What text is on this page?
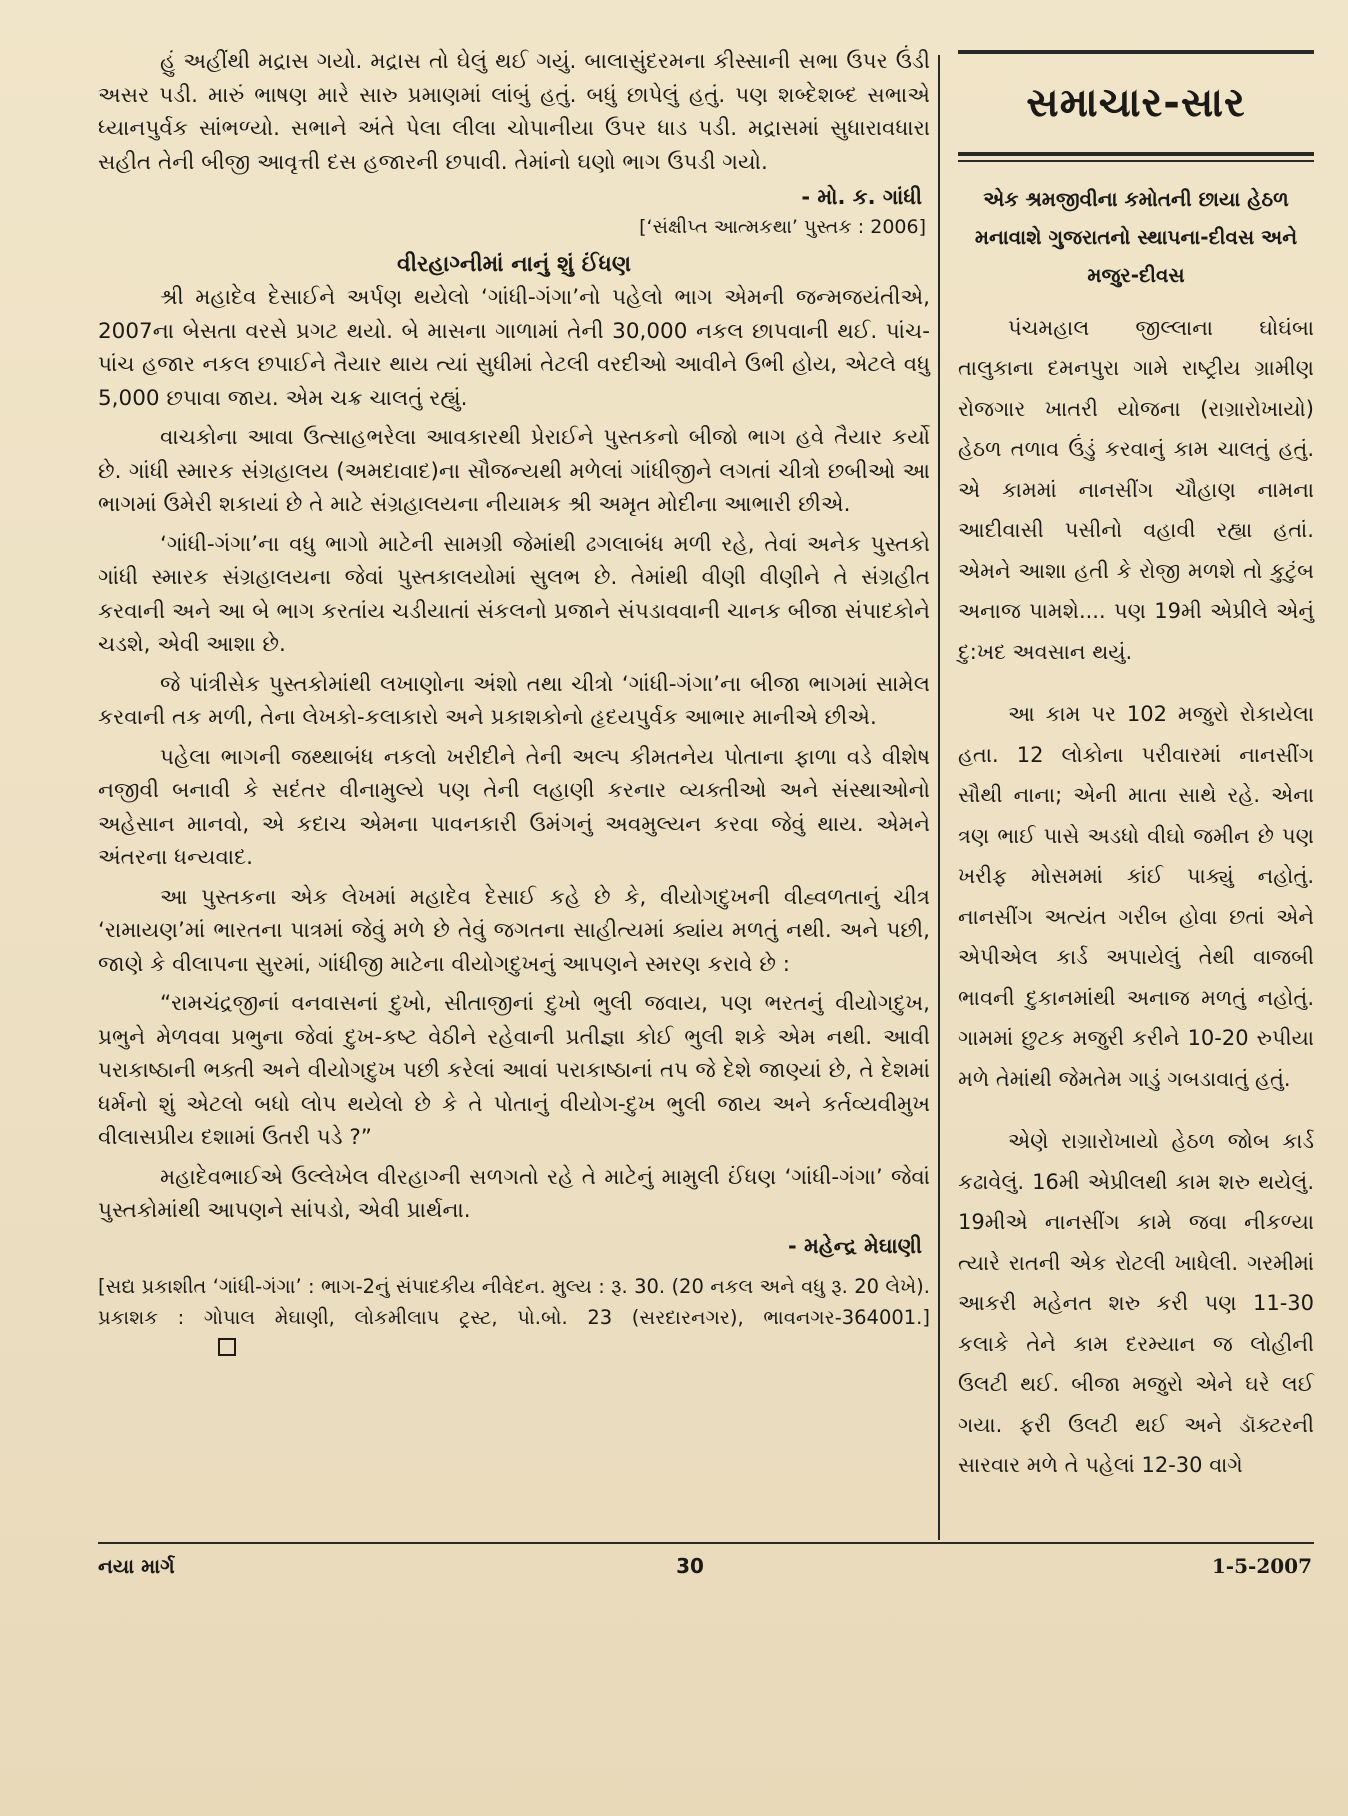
હું અહીંથી મદ્રાસ ગયો. મદ્રાસ તો ઘેલું થઈ ગયું. બાલાસુંદરમના કીસ્સાની સભા ઉપર ઉંડી અસર પડી. મારું ભાષણ મારે સારુ પ્રમાણમાં લાંબું હતું. બધું છાપેલું હતું. પણ શબ્દેશબ્દ સભાએ ધ્યાનપુર્વક સાંભળ્યો. સભાને અંતે પેલા લીલા ચોપાનીયા ઉપર ધાડ પડી. મદ્રાસમાં સુધારાવધારા સહીત તેની બીજી આવૃત્તી દસ હજારની છપાવી. તેમાંનો ઘણો ભાગ ઉપડી ગયો.

- મો. ક. ગાંધી
[‘સંક્ષીપ્ત આત્મકથા’ પુસ્તક : 2006]
વીરહાગ્નીમાં નાનું શું ઈંધણ

શ્રી મહાદેવ દેસાઈને અર્પણ થયેલો ‘ગાંધી-ગંગા’નો પહેલો ભાગ એમની જન્મજયંતીએ, 2007ના બેસતા વરસે પ્રગટ થયો. બે માસના ગાળામાં તેની 30,000 નકલ છાપવાની થઈ. પાંચ-પાંચ હજાર નકલ છપાઈને તૈયાર થાય ત્યાં સુધીમાં તેટલી વરદીઓ આવીને ઉભી હોય, એટલે વધુ 5,000 છપાવા જાય. એમ ચક્ર ચાલતું રહ્યું.

વાચકોના આવા ઉત્સાહભરેલા આવકારથી પ્રેરાઈને પુસ્તકનો બીજો ભાગ હવે તૈયાર કર્યો છે. ગાંધી સ્મારક સંગ્રહાલય (અમદાવાદ)ના સૌજન્યથી મળેલાં ગાંધીજીને લગતાં ચીત્રો છબીઓ આ ભાગમાં ઉમેરી શકાયાં છે તે માટે સંગ્રહાલયના નીયામક શ્રી અમૃત મોદીના આભારી છીએ.

‘ગાંધી-ગંગા’ના વધુ ભાગો માટેની સામગ્રી જેમાંથી ઢગલાબંધ મળી રહે, તેવાં અનેક પુસ્તકો ગાંધી સ્મારક સંગ્રહાલયના જેવાં પુસ્તકાલયોમાં સુલભ છે. તેમાંથી વીણી વીણીને તે સંગ્રહીત કરવાની અને આ બે ભાગ કરતાંય ચડીયાતાં સંકલનો પ્રજાને સંપડાવવાની ચાનક બીજા સંપાદકોને ચડશે, એવી આશા છે.

જે પાંત્રીસેક પુસ્તકોમાંથી લખાણોના અંશો તથા ચીત્રો ‘ગાંધી-ગંગા’ના બીજા ભાગમાં સામેલ કરવાની તક મળી, તેના લેખકો-કલાકારો અને પ્રકાશકોનો હૃદયપુર્વક આભાર માનીએ છીએ.

પહેલા ભાગની જથ્થાબંધ નકલો ખરીદીને તેની અલ્પ કીમતનેય પોતાના ફાળા વડે વીશેષ નજીવી બનાવી કે સદંતર વીનામુલ્યે પણ તેની લહાણી કરનાર વ્યક્તીઓ અને સંસ્થાઓનો અહેસાન માનવો, એ કદાચ એમના પાવનકારી ઉમંગનું અવમુલ્યન કરવા જેવું થાય. એમને અંતરના ધન્યવાદ.

આ પુસ્તકના એક લેખમાં મહાદેવ દેસાઈ કહે છે કે, વીયોગદુખની વીહ્વળતાનું ચીત્ર ‘રામાયણ’માં ભારતના પાત્રમાં જેવું મળે છે તેવું જગતના સાહીત્યમાં ક્યાંય મળતું નથી. અને પછી, જાણે કે વીલાપના સુરમાં, ગાંધીજી માટેના વીયોગદુખનું આપણને સ્મરણ કરાવે છે :

“રામચંદ્રજીનાં વનવાસનાં દુખો, સીતાજીનાં દુખો ભુલી જવાય, પણ ભરતનું વીયોગદુખ, પ્રભુને મેળવવા પ્રભુના જેવાં દુખ-કષ્ટ વેઠીને રહેવાની પ્રતીજ્ઞા કોઈ ભુલી શકે એમ નથી. આવી પરાકાષ્ઠાની ભક્તી અને વીયોગદુખ પછી કરેલાં આવાં પરાકાષ્ઠાનાં તપ જે દેશે જાણ્યાં છે, તે દેશમાં ધર્મનો શું એટલો બધો લોપ થયેલો છે કે તે પોતાનું વીયોગ-દુખ ભુલી જાય અને કર્તવ્યવીમુખ વીલાસપ્રીય દશામાં ઉતરી પડે ?”

મહાદેવભાઈએ ઉલ્લેખેલ વીરહાગ્ની સળગતો રહે તે માટેનું મામુલી ઈંધણ ‘ગાંધી-ગંગા’ જેવાં પુસ્તકોમાંથી આપણને સાંપડો, એવી પ્રાર્થના.

- મહેન્દ્ર મેઘાણી

[સદ્ય પ્રકાશીત ‘ગાંધી-ગંગા’ : ભાગ-2નું સંપાદકીય નીવેદન. મુલ્ય : રૂ. 30. (20 નકલ અને વધુ રૂ. 20 લેખે). પ્રકાશક : ગોપાલ મેઘાણી, લોકમીલાપ ટ્રસ્ટ, પો.બો. 23 (સરદારનગર), ભાવનગર-364001.]

સમાચાર-સાર
એક શ્રમજીવીના કમોતની છાયા હેઠળ મનાવાશે ગુજરાતનો સ્થાપના-દીવસ અને મજુર-દીવસ

પંચમહાલ જીલ્લાના ઘોઘંબા તાલુકાના દમનપુરા ગામે રાષ્ટ્રીય ગ્રામીણ રોજગાર ખાતરી યોજના (રાગ્રારોખાયો) હેઠળ તળાવ ઉંડું કરવાનું કામ ચાલતું હતું. એ કામમાં નાનસીંગ ચૌહાણ નામના આદીવાસી પસીનો વહાવી રહ્યા હતાં. એમને આશા હતી કે રોજી મળશે તો કુટુંબ અનાજ પામશે.... પણ 19મી એપ્રીલે એનું દુ:ખદ અવસાન થયું.

આ કામ પર 102 મજુરો રોકાયેલા હતા. 12 લોકોના પરીવારમાં નાનસીંગ સૌથી નાના; એની માતા સાથે રહે. એના ત્રણ ભાઈ પાસે અડધો વીઘો જમીન છે પણ ખરીફ મોસમમાં કાંઈ પાક્યું નહોતું. નાનસીંગ અત્યંત ગરીબ હોવા છતાં એને એપીએલ કાર્ડ અપાયેલું તેથી વાજબી ભાવની દુકાનમાંથી અનાજ મળતું નહોતું. ગામમાં છુટક મજુરી કરીને 10-20 રુપીયા મળે તેમાંથી જેમતેમ ગાડું ગબડાવાતું હતું.

એણે રાગ્રારોખાયો હેઠળ જોબ કાર્ડ કઢાવેલું. 16મી એપ્રીલથી કામ શરુ થયેલું. 19મીએ નાનસીંગ કામે જવા નીકળ્યા ત્યારે રાતની એક રોટલી ખાધેલી. ગરમીમાં આકરી મહેનત શરુ કરી પણ 11-30 કલાકે તેને કામ દરમ્યાન જ લોહીની ઉલટી થઈ. બીજા મજુરો એને ઘરે લઈ ગયા. ફરી ઉલટી થઈ અને ડૉક્ટરની સારવાર મળે તે પહેલાં 12-30 વાગે

નયા માર્ગ	30	1-5-2007
